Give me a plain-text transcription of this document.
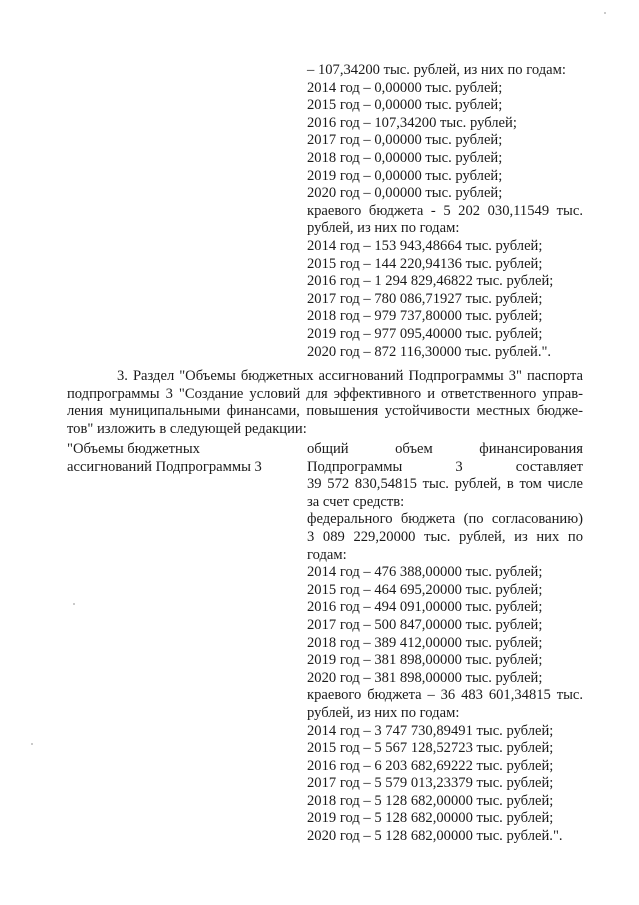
– 107,34200 тыс. рублей, из них по годам:
2014 год – 0,00000 тыс. рублей;
2015 год – 0,00000 тыс. рублей;
2016 год – 107,34200 тыс. рублей;
2017 год – 0,00000 тыс. рублей;
2018 год – 0,00000 тыс. рублей;
2019 год – 0,00000 тыс. рублей;
2020 год – 0,00000 тыс. рублей;
краевого бюджета - 5 202 030,11549 тыс.
рублей, из них по годам:
2014 год – 153 943,48664 тыс. рублей;
2015 год – 144 220,94136 тыс. рублей;
2016 год – 1 294 829,46822 тыс. рублей;
2017 год – 780 086,71927 тыс. рублей;
2018 год – 979 737,80000 тыс. рублей;
2019 год – 977 095,40000 тыс. рублей;
2020 год – 872 116,30000 тыс. рублей.".
3. Раздел "Объемы бюджетных ассигнований Подпрограммы 3" паспорта
подпрограммы 3 "Создание условий для эффективного и ответственного управ-
ления муниципальными финансами, повышения устойчивости местных бюдже-
тов" изложить в следующей редакции:
"Объемы бюджетных
ассигнований Подпрограммы 3
общий объем финансирования
Подпрограммы 3 составляет
39 572 830,54815 тыс. рублей, в том числе
за счет средств:
федерального бюджета (по согласованию)
3 089 229,20000 тыс. рублей, из них по
годам:
2014 год – 476 388,00000 тыс. рублей;
2015 год – 464 695,20000 тыс. рублей;
2016 год – 494 091,00000 тыс. рублей;
2017 год – 500 847,00000 тыс. рублей;
2018 год – 389 412,00000 тыс. рублей;
2019 год – 381 898,00000 тыс. рублей;
2020 год – 381 898,00000 тыс. рублей;
краевого бюджета – 36 483 601,34815 тыс.
рублей, из них по годам:
2014 год – 3 747 730,89491 тыс. рублей;
2015 год – 5 567 128,52723 тыс. рублей;
2016 год – 6 203 682,69222 тыс. рублей;
2017 год – 5 579 013,23379 тыс. рублей;
2018 год – 5 128 682,00000 тыс. рублей;
2019 год – 5 128 682,00000 тыс. рублей;
2020 год – 5 128 682,00000 тыс. рублей.".
